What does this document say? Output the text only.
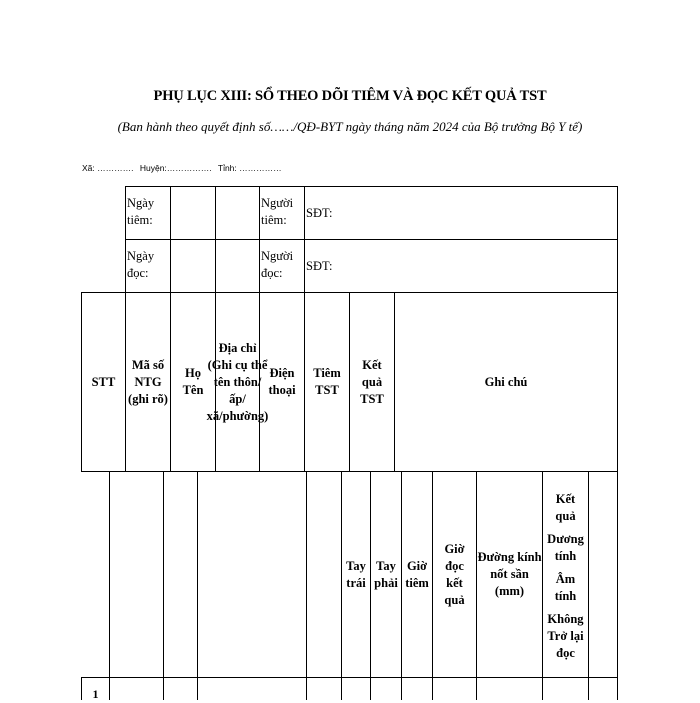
PHỤ LỤC XIII: SỔ THEO DÕI TIÊM VÀ ĐỌC KẾT QUẢ TST
(Ban hành theo quyết định số……/QĐ-BYT ngày tháng năm 2024 của Bộ trưởng Bộ Y tế)
Xã: …………. Huyện:……………. Tỉnh: ……………
Ngày tiêm:
Người tiêm:
SĐT:
Ngày đọc:
Người đọc:
SĐT:
STT
Mã số NTG (ghi rõ)
Họ Tên
Địa chỉ (Ghi cụ thể tên thôn/ ấp/ xã/phường)
Điện thoại
Tiêm TST
Kết quả TST
Ghi chú
Tay trái
Tay phải
Giờ tiêm
Giờ đọc kết quả
Đường kính nốt sần (mm)
Kết quả
Dương tính
Âm tính
Không Trở lại đọc
1
